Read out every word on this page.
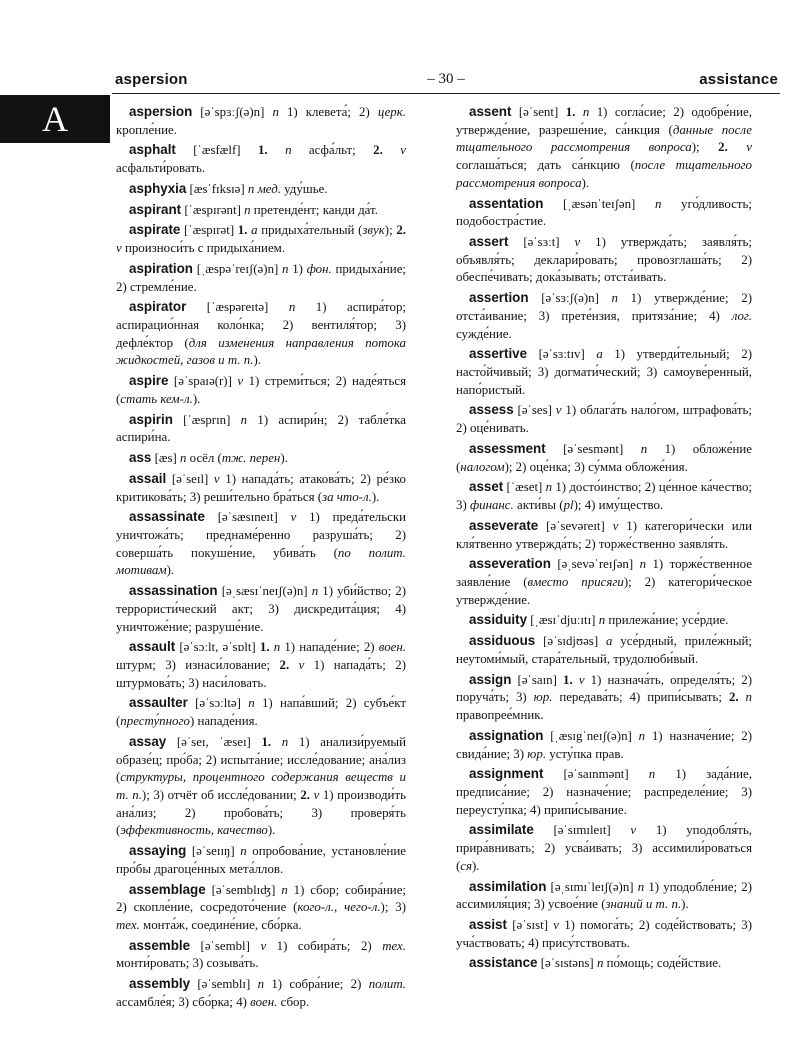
aspersion	– 30 –	assistance
A	aspersion [əˈspɜːʃ(ə)n] n 1) клевета́; 2) церк. кропле́ние.

asphalt [ˈæsfælf] 1. n асфа́льт; 2. v асфальти́ровать.

asphyxia [æsˈfɪksɪə] n мед. уду́шье.

aspirant [ˈæspɪrənt] n претенде́нт; канди да́т.

aspirate [ˈæspɪrət] 1. a придыха́тельный (звук); 2. v произноси́ть с придыха́нием.

aspiration [ˌæspəˈreɪʃ(ə)n] n 1) фон. придыха́ние; 2) стремле́ние.

aspirator [ˈæspəreɪtə] n 1) аспира́тор; аспирацио́нная коло́нка; 2) вентиля́тор; 3) дефле́ктор (для изменения направления потока жидкостей, газов и т. п.).

aspire [əˈspaɪə(r)] v 1) стреми́ться; 2) наде́яться (стать кем-л.).

aspirin [ˈæsprɪn] n 1) аспири́н; 2) табле́тка аспири́на.

ass [æs] n осёл (тж. перен).

assail [əˈseɪl] v 1) напада́ть; атакова́ть; 2) ре́зко критикова́ть; 3) реши́тельно бра́ться (за что-л.).

assassinate [əˈsæsɪneɪt] v 1) преда́тельски уничтожа́ть; преднаме́ренно разруша́ть; 2) соверша́ть покуше́ние, убива́ть (по полит. мотивам).

assassination [əˌsæsɪˈneɪʃ(ə)n] n 1) уби́йство; 2) террористи́ческий акт; 3) дискредита́ция; 4) уничтоже́ние; разруше́ние.

assault [əˈsɔːlt, əˈsɒlt] 1. n 1) нападе́ние; 2) воен. штурм; 3) изнаси́лование; 2. v 1) напада́ть; 2) штурмова́ть; 3) наси́ловать.

assaulter [əˈsɔːltə] n 1) напа́вший; 2) субъе́кт (престу́пного) нападе́ния.

assay [əˈseɪ, ˈæseɪ] 1. n 1) анализи́руемый образе́ц; про́ба; 2) испыта́ние; иссле́дование; ана́лиз (структуры, процентного содержания веществ и т. п.); 3) отчёт об иссле́довании; 2. v 1) производи́ть ана́лиз; 2) пробова́ть; 3) проверя́ть (эффективность, качество).

assaying [əˈseɪɪŋ] n опробова́ние, установле́ние про́бы драгоце́нных мета́ллов.

assemblage [əˈsemblɪʤ] n 1) сбор; собира́ние; 2) скопле́ние, сосредото́чение (кого-л., чего-л.); 3) тех. монта́ж, соедине́ние, сбо́рка.

assemble [əˈsembl] v 1) собира́ть; 2) тех. монти́ровать; 3) созыва́ть.

assembly [əˈsemblɪ] n 1) собра́ние; 2) полит. ассамбле́я; 3) сбо́рка; 4) воен. сбор.

assent [əˈsent] 1. n 1) согла́сие; 2) одобре́ние, утвержде́ние, разреше́ние, са́нкция (данные после тщательного рассмотрения вопроса); 2. v соглаша́ться; дать са́нкцию (после тщательного рассмотрения вопроса).

assentation [ˌæsənˈteɪʃən] n уго́дливость; подобостра́стие.

assert [əˈsɜːt] v 1) утвержда́ть; заявля́ть; объявля́ть; деклари́ровать; провозглаша́ть; 2) обеспе́чивать; дока́зывать; отста́ивать.

assertion [əˈsɜːʃ(ə)n] n 1) утвержде́ние; 2) отста́ивание; 3) прете́нзия, притяза́ние; 4) лог. сужде́ние.

assertive [əˈsɜːtɪv] a 1) утверди́тельный; 2) насто́йчивый; 3) догмати́ческий; 3) самоуве́ренный, напо́ристый.

assess [əˈses] v 1) облага́ть нало́гом, штрафова́ть; 2) оце́нивать.

assessment [əˈsesmənt] n 1) обложе́ние (налогом); 2) оце́нка; 3) су́мма обложе́ния.

asset [ˈæset] n 1) досто́инство; 2) це́нное ка́чество; 3) финанс. акти́вы (pl); 4) иму́щество.

asseverate [əˈsevəreɪt] v 1) категори́чески или кля́твенно утвержда́ть; 2) торже́ственно заявля́ть.

asseveration [əˌsevəˈreɪʃən] n 1) торже́ственное заявле́ние (вместо присяги); 2) категори́ческое утвержде́ние.

assiduity [ˌæsɪˈdjuːɪtɪ] n прилежа́ние; усе́рдие.

assiduous [əˈsɪdjʊəs] a усе́рдный, приле́жный; неутоми́мый, стара́тельный, трудолюби́вый.

assign [əˈsaɪn] 1. v 1) назнача́ть, определя́ть; 2) поруча́ть; 3) юр. передава́ть; 4) припи́сывать; 2. n правопрее́мник.

assignation [ˌæsɪgˈneɪʃ(ə)n] n 1) назначе́ние; 2) свида́ние; 3) юр. усту́пка прав.

assignment [əˈsaɪnmənt] n 1) зада́ние, предписа́ние; 2) назначе́ние; распределе́ние; 3) переусту́пка; 4) припи́сывание.

assimilate [əˈsɪmɪleɪt] v 1) уподобля́ть, прира́внивать; 2) усва́ивать; 3) ассимили́роваться (ся).

assimilation [əˌsɪmɪˈleɪʃ(ə)n] n 1) уподобле́ние; 2) ассимиля́ция; 3) усвое́ние (знаний и т. п.).

assist [əˈsɪst] v 1) помога́ть; 2) соде́йствовать; 3) уча́ствовать; 4) прису́тствовать.

assistance [əˈsɪstəns] n по́мощь; соде́йствие.
